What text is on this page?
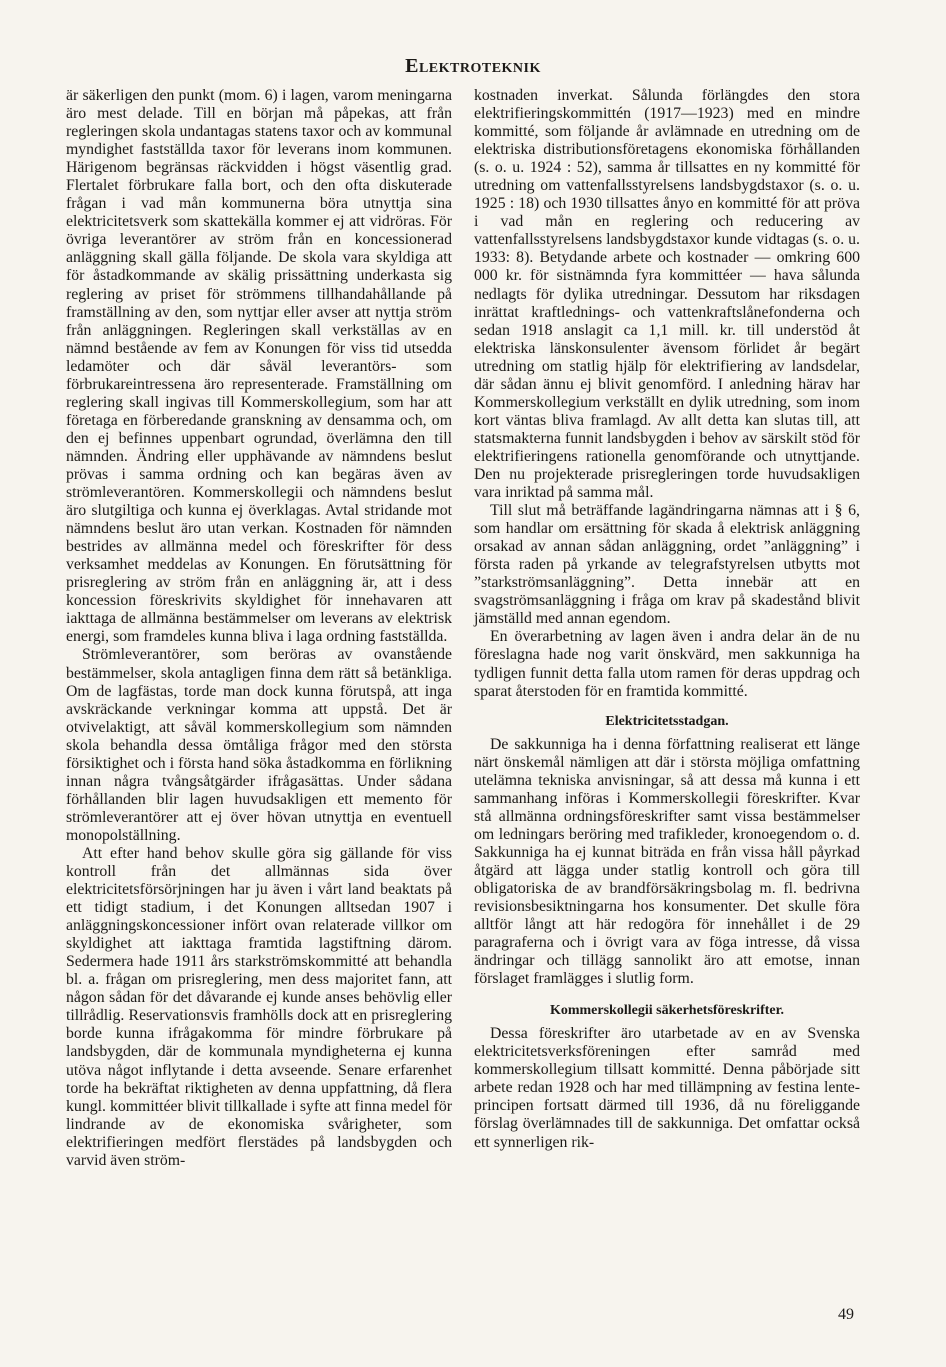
Elektroteknik

är säkerligen den punkt (mom. 6) i lagen, varom meningarna äro mest delade. Till en början må påpekas, att från regleringen skola undantagas statens taxor och av kommunal myndighet fastställda taxor för leverans inom kommunen. Härigenom begränsas räckvidden i högst väsentlig grad. Flertalet förbrukare falla bort, och den ofta diskuterade frågan i vad mån kommunerna böra utnyttja sina elektricitetsverk som skattekälla kommer ej att vidröras. För övriga leverantörer av ström från en koncessionerad anläggning skall gälla följande. De skola vara skyldiga att för åstadkommande av skälig prissättning underkasta sig reglering av priset för strömmens tillhandahållande på framställning av den, som nyttjar eller avser att nyttja ström från anläggningen. Regleringen skall verkställas av en nämnd bestående av fem av Konungen för viss tid utsedda ledamöter och där såväl leverantörs- som förbrukareintressena äro representerade. Framställning om reglering skall ingivas till Kommerskollegium, som har att företaga en förberedande granskning av densamma och, om den ej befinnes uppenbart ogrundad, överlämna den till nämnden. Ändring eller upphävande av nämndens beslut prövas i samma ordning och kan begäras även av strömleverantören. Kommerskollegii och nämndens beslut äro slutgiltiga och kunna ej överklagas. Avtal stridande mot nämndens beslut äro utan verkan. Kostnaden för nämnden bestrides av allmänna medel och föreskrifter för dess verksamhet meddelas av Konungen. En förutsättning för prisreglering av ström från en anläggning är, att i dess koncession föreskrivits skyldighet för innehavaren att iakttaga de allmänna bestämmelser om leverans av elektrisk energi, som framdeles kunna bliva i laga ordning fastställda.

Strömleverantörer, som beröras av ovanstående bestämmelser, skola antagligen finna dem rätt så betänkliga. Om de lagfästas, torde man dock kunna förutspå, att inga avskräckande verkningar komma att uppstå. Det är otvivelaktigt, att såväl kommerskollegium som nämnden skola behandla dessa ömtåliga frågor med den största försiktighet och i första hand söka åstadkomma en förlikning innan några tvångsåtgärder ifrågasättas. Under sådana förhållanden blir lagen huvudsakligen ett memento för strömleverantörer att ej över hövan utnyttja en eventuell monopolställning.

Att efter hand behov skulle göra sig gällande för viss kontroll från det allmännas sida över elektricitetsförsörjningen har ju även i vårt land beaktats på ett tidigt stadium, i det Konungen alltsedan 1907 i anläggningskoncessioner infört ovan relaterade villkor om skyldighet att iakttaga framtida lagstiftning därom. Sedermera hade 1911 års starkströmskommitté att behandla bl. a. frågan om prisreglering, men dess majoritet fann, att någon sådan för det dåvarande ej kunde anses behövlig eller tillrådlig. Reservationsvis framhölls dock att en prisreglering borde kunna ifrågakomma för mindre förbrukare på landsbygden, där de kommunala myndigheterna ej kunna utöva något inflytande i detta avseende. Senare erfarenhet torde ha bekräftat riktigheten av denna uppfattning, då flera kungl. kommittéer blivit tillkallade i syfte att finna medel för lindrande av de ekonomiska svårigheter, som elektrifieringen medfört flerstädes på landsbygden och varvid även ström-

kostnaden inverkat. Sålunda förlängdes den stora elektrifieringskommittén (1917—1923) med en mindre kommitté, som följande år avlämnade en utredning om de elektriska distributionsföretagens ekonomiska förhållanden (s. o. u. 1924 : 52), samma år tillsattes en ny kommitté för utredning om vattenfallsstyrelsens landsbygdstaxor (s. o. u. 1925 : 18) och 1930 tillsattes ånyo en kommitté för att pröva i vad mån en reglering och reducering av vattenfallsstyrelsens landsbygdstaxor kunde vidtagas (s. o. u. 1933: 8). Betydande arbete och kostnader — omkring 600 000 kr. för sistnämnda fyra kommittéer — hava sålunda nedlagts för dylika utredningar. Dessutom har riksdagen inrättat kraftlednings- och vattenkraftslånefonderna och sedan 1918 anslagit ca 1,1 mill. kr. till understöd åt elektriska länskonsulenter ävensom förlidet år begärt utredning om statlig hjälp för elektrifiering av landsdelar, där sådan ännu ej blivit genomförd. I anledning härav har Kommerskollegium verkställt en dylik utredning, som inom kort väntas bliva framlagd. Av allt detta kan slutas till, att statsmakterna funnit landsbygden i behov av särskilt stöd för elektrifieringens rationella genomförande och utnyttjande. Den nu projekterade prisregleringen torde huvudsakligen vara inriktad på samma mål.

Till slut må beträffande lagändringarna nämnas att i § 6, som handlar om ersättning för skada å elektrisk anläggning orsakad av annan sådan anläggning, ordet ”anläggning” i första raden på yrkande av telegrafstyrelsen utbytts mot ”starkströmsanläggning”. Detta innebär att en svagströmsanläggning i fråga om krav på skadestånd blivit jämställd med annan egendom.

En överarbetning av lagen även i andra delar än de nu föreslagna hade nog varit önskvärd, men sakkunniga ha tydligen funnit detta falla utom ramen för deras uppdrag och sparat återstoden för en framtida kommitté.

Elektricitetsstadgan.

De sakkunniga ha i denna författning realiserat ett länge närt önskemål nämligen att där i största möjliga omfattning utelämna tekniska anvisningar, så att dessa må kunna i ett sammanhang införas i Kommerskollegii föreskrifter. Kvar stå allmänna ordningsföreskrifter samt vissa bestämmelser om ledningars beröring med trafikleder, kronoegendom o. d. Sakkunniga ha ej kunnat biträda en från vissa håll påyrkad åtgärd att lägga under statlig kontroll och göra till obligatoriska de av brandförsäkringsbolag m. fl. bedrivna revisionsbesiktningarna hos konsumenter. Det skulle föra alltför långt att här redogöra för innehållet i de 29 paragraferna och i övrigt vara av föga intresse, då vissa ändringar och tillägg sannolikt äro att emotse, innan förslaget framlägges i slutlig form.

Kommerskollegii säkerhetsföreskrifter.

Dessa föreskrifter äro utarbetade av en av Svenska elektricitetsverksföreningen efter samråd med kommerskollegium tillsatt kommitté. Denna påbörjade sitt arbete redan 1928 och har med tillämpning av festina lente-principen fortsatt därmed till 1936, då nu föreliggande förslag överlämnades till de sakkunniga. Det omfattar också ett synnerligen rik-

49
